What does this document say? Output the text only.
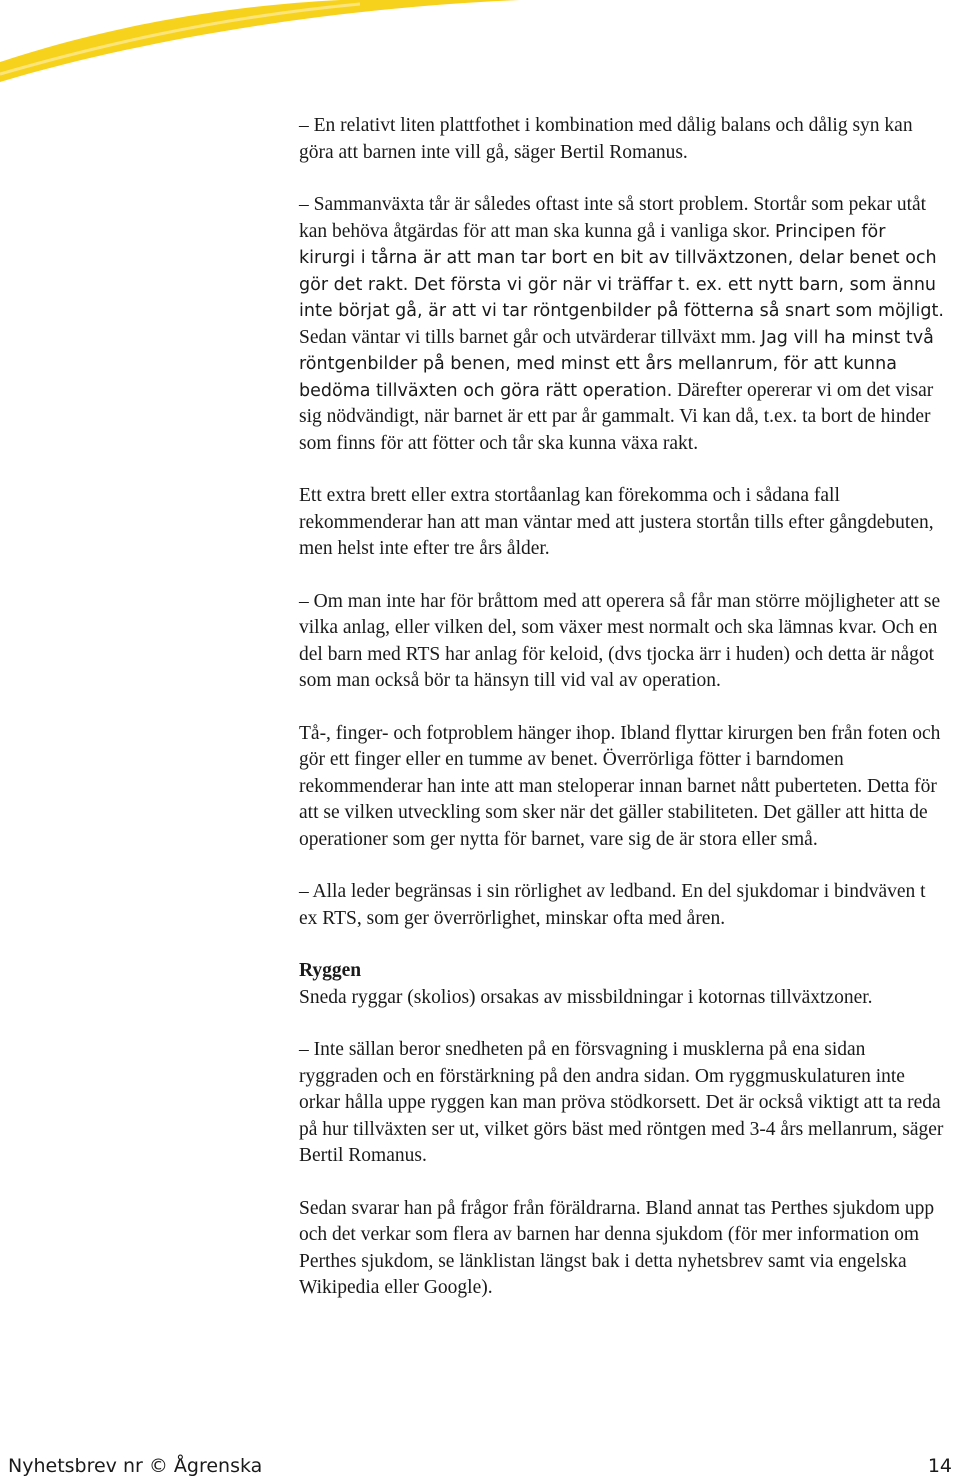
– En relativt liten plattfothet i kombination med dålig balans och dålig syn kan göra att barnen inte vill gå, säger Bertil Romanus.

– Sammanväxta tår är således oftast inte så stort problem. Stortår som pekar utåt kan behöva åtgärdas för att man ska kunna gå i vanliga skor. Principen för kirurgi i tårna är att man tar bort en bit av tillväxtzonen, delar benet och gör det rakt. Det första vi gör när vi träffar t. ex. ett nytt barn, som ännu inte börjat gå, är att vi tar röntgenbilder på fötterna så snart som möjligt. Sedan väntar vi tills barnet går och utvärderar tillväxt mm. Jag vill ha minst två röntgenbilder på benen, med minst ett års mellanrum, för att kunna bedöma tillväxten och göra rätt operation. Därefter opererar vi om det visar sig nödvändigt, när barnet är ett par år gammalt. Vi kan då, t.ex. ta bort de hinder som finns för att fötter och tår ska kunna växa rakt.

Ett extra brett eller extra stortåanlag kan förekomma och i sådana fall rekommenderar han att man väntar med att justera stortån tills efter gångdebuten, men helst inte efter tre års ålder.

– Om man inte har för bråttom med att operera så får man större möjligheter att se vilka anlag, eller vilken del, som växer mest normalt och ska lämnas kvar. Och en del barn med RTS har anlag för keloid, (dvs tjocka ärr i huden) och detta är något som man också bör ta hänsyn till vid val av operation.

Tå-, finger- och fotproblem hänger ihop. Ibland flyttar kirurgen ben från foten och gör ett finger eller en tumme av benet. Överrörliga fötter i barndomen rekommenderar han inte att man steloperar innan barnet nått puberteten. Detta för att se vilken utveckling som sker när det gäller stabiliteten. Det gäller att hitta de operationer som ger nytta för barnet, vare sig de är stora eller små.

– Alla leder begränsas i sin rörlighet av ledband. En del sjukdomar i bindväven t ex RTS, som ger överrörlighet, minskar ofta med åren.

Ryggen
Sneda ryggar (skolios) orsakas av missbildningar i kotornas tillväxtzoner.

– Inte sällan beror snedheten på en försvagning i musklerna på ena sidan ryggraden och en förstärkning på den andra sidan. Om ryggmuskulaturen inte orkar hålla uppe ryggen kan man pröva stödkorsett. Det är också viktigt att ta reda på hur tillväxten ser ut, vilket görs bäst med röntgen med 3-4 års mellanrum, säger Bertil Romanus.

Sedan svarar han på frågor från föräldrarna. Bland annat tas Perthes sjukdom upp och det verkar som flera av barnen har denna sjukdom (för mer information om Perthes sjukdom, se länklistan längst bak i detta nyhetsbrev samt via engelska Wikipedia eller Google).

Nyhetsbrev nr © Ågrenska	14
